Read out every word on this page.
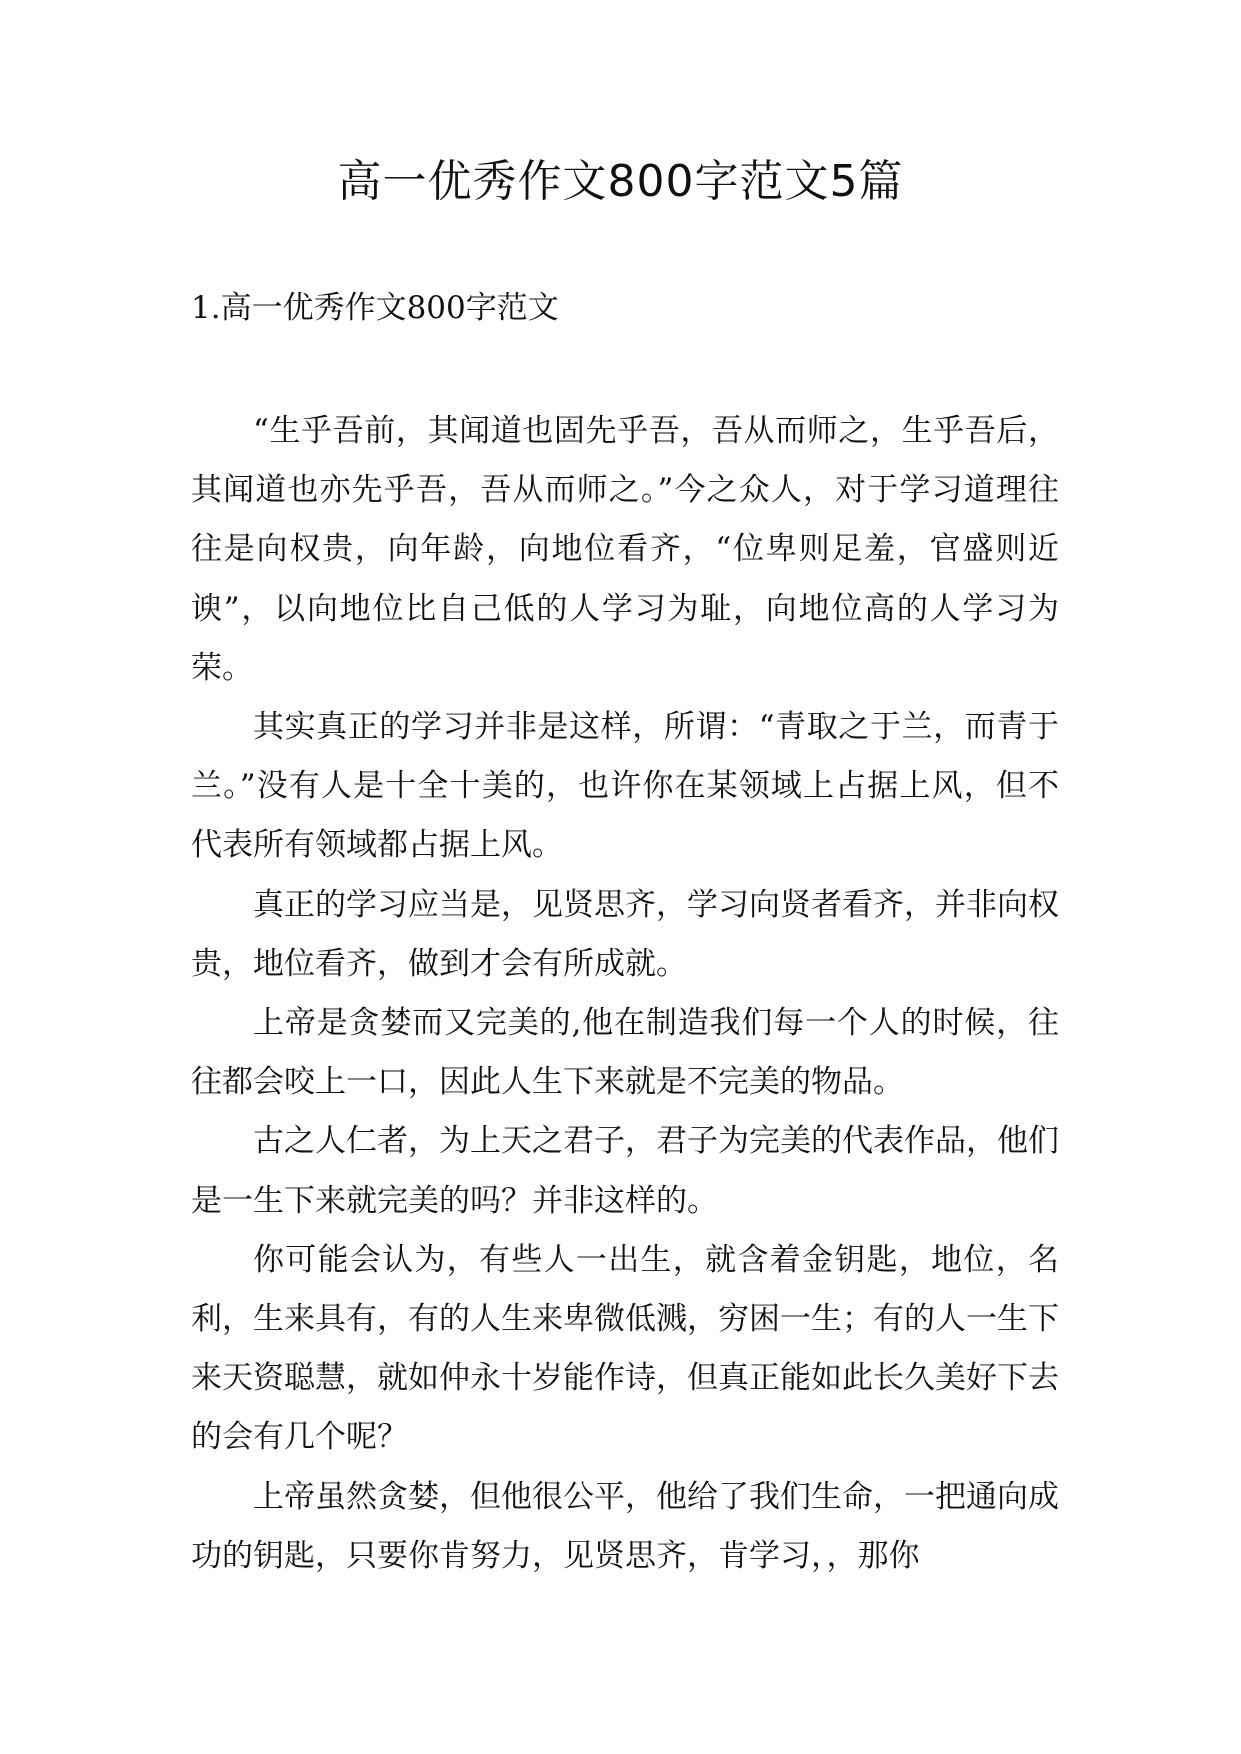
高一优秀作文800字范文5篇
1.高一优秀作文800字范文

“生乎吾前，其闻道也固先乎吾，吾从而师之，生乎吾后，其闻道也亦先乎吾，吾从而师之。”今之众人，对于学习道理往往是向权贵，向年龄，向地位看齐，“位卑则足羞，官盛则近谀”，以向地位比自己低的人学习为耻，向地位高的人学习为荣。

其实真正的学习并非是这样，所谓：“青取之于兰，而青于兰。”没有人是十全十美的，也许你在某领域上占据上风，但不代表所有领域都占据上风。

真正的学习应当是，见贤思齐，学习向贤者看齐，并非向权贵，地位看齐，做到才会有所成就。

上帝是贪婪而又完美的,他在制造我们每一个人的时候，往往都会咬上一口，因此人生下来就是不完美的物品。

古之人仁者，为上天之君子，君子为完美的代表作品，他们是一生下来就完美的吗？并非这样的。

你可能会认为，有些人一出生，就含着金钥匙，地位，名利，生来具有，有的人生来卑微低溅，穷困一生；有的人一生下来天资聪慧，就如仲永十岁能作诗，但真正能如此长久美好下去的会有几个呢？

上帝虽然贪婪，但他很公平，他给了我们生命，一把通向成功的钥匙，只要你肯努力，见贤思齐，肯学习，，那你
